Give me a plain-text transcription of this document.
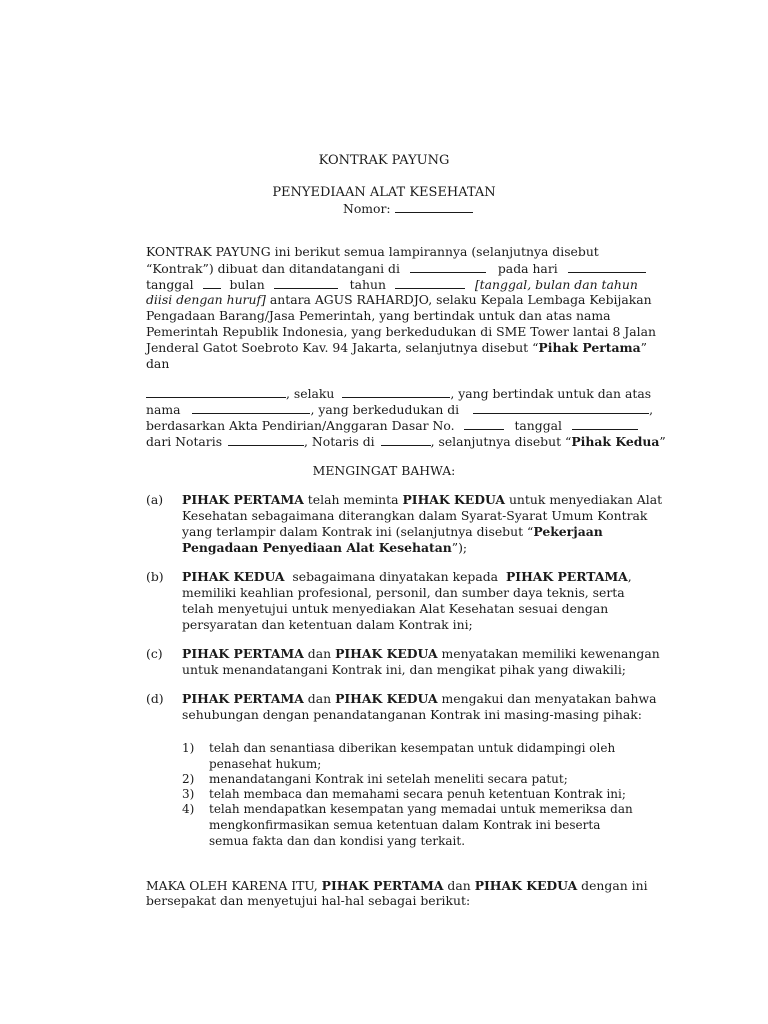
KONTRAK PAYUNG
PENYEDIAAN ALAT KESEHATAN
Nomor:
KONTRAK PAYUNG ini berikut semua lampirannya (selanjutnya disebut
“Kontrak”) dibuat dan ditandatangani di	pada hari
tanggal	bulan	tahun	[tanggal, bulan dan tahun
diisi dengan huruf] antara AGUS RAHARDJO, selaku Kepala Lembaga Kebijakan
Pengadaan Barang/Jasa Pemerintah, yang bertindak untuk dan atas nama
Pemerintah Republik Indonesia, yang berkedudukan di SME Tower lantai 8 Jalan
Jenderal Gatot Soebroto Kav. 94 Jakarta, selanjutnya disebut “Pihak Pertama”
dan
, selaku	, yang bertindak untuk dan atas
nama	, yang berkedudukan di	,
berdasarkan Akta Pendirian/Anggaran Dasar No.	tanggal
dari Notaris	, Notaris di	, selanjutnya disebut “Pihak Kedua”
MENGINGAT BAHWA:
(a) PIHAK PERTAMA telah meminta PIHAK KEDUA untuk menyediakan Alat
Kesehatan sebagaimana diterangkan dalam Syarat-Syarat Umum Kontrak
yang terlampir dalam Kontrak ini (selanjutnya disebut “Pekerjaan
Pengadaan Penyediaan Alat Kesehatan”);
(b) PIHAK KEDUA sebagaimana dinyatakan kepada PIHAK PERTAMA,
memiliki keahlian profesional, personil, dan sumber daya teknis, serta
telah menyetujui untuk menyediakan Alat Kesehatan sesuai dengan
persyaratan dan ketentuan dalam Kontrak ini;
(c) PIHAK PERTAMA dan PIHAK KEDUA menyatakan memiliki kewenangan
untuk menandatangani Kontrak ini, dan mengikat pihak yang diwakili;
(d) PIHAK PERTAMA dan PIHAK KEDUA mengakui dan menyatakan bahwa
sehubungan dengan penandatanganan Kontrak ini masing-masing pihak:
1) telah dan senantiasa diberikan kesempatan untuk didampingi oleh
penasehat hukum;
2) menandatangani Kontrak ini setelah meneliti secara patut;
3) telah membaca dan memahami secara penuh ketentuan Kontrak ini;
4) telah mendapatkan kesempatan yang memadai untuk memeriksa dan
mengkonfirmasikan semua ketentuan dalam Kontrak ini beserta
semua fakta dan dan kondisi yang terkait.
MAKA OLEH KARENA ITU, PIHAK PERTAMA dan PIHAK KEDUA dengan ini
bersepakat dan menyetujui hal-hal sebagai berikut:
